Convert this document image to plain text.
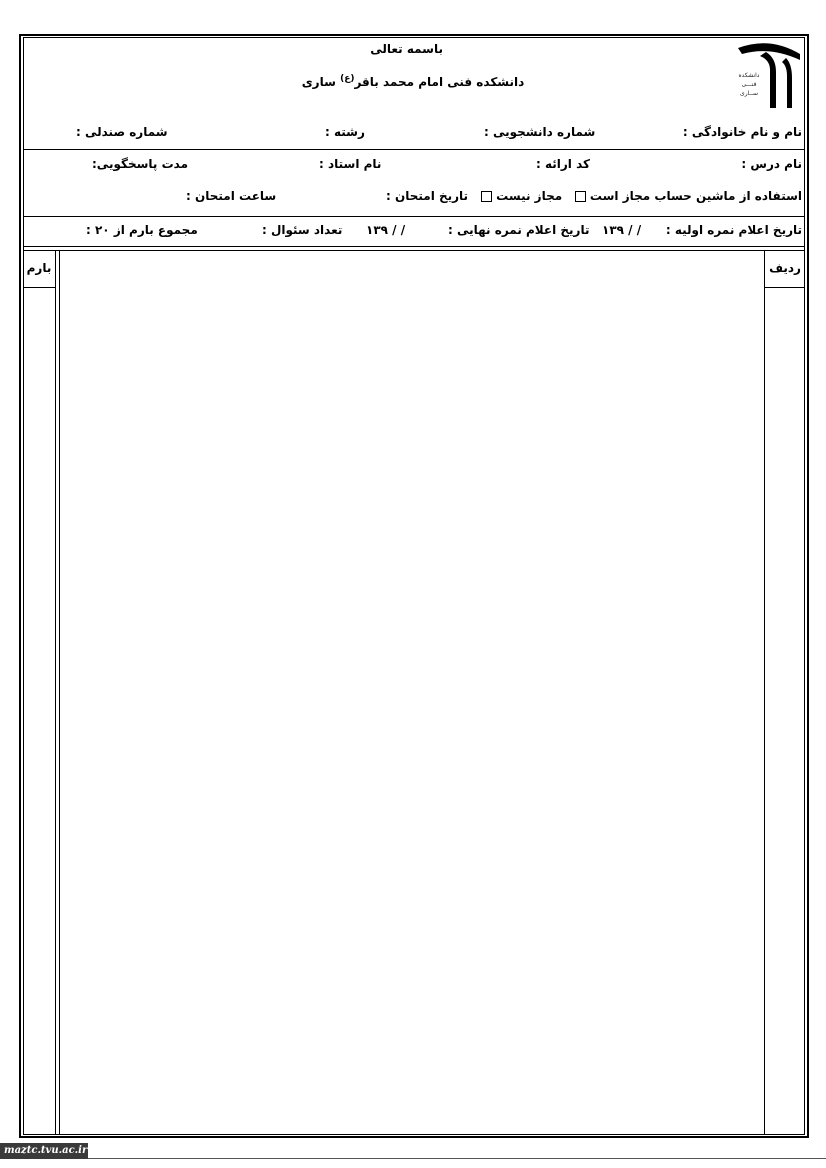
دانشکده
فنـــی
ســاری
باسمه تعالی
دانشکده فنی امام محمد باقر$^{(ع)}$ ساری
نام و نام خانوادگی :
شماره دانشجویی :
رشته :
شماره صندلی :
نام درس :
کد ارائه :
نام استاد :
مدت پاسخگویی:
استفاده از ماشین حساب مجاز است    مجاز نیست
تاریخ امتحان :
ساعت امتحان :
تاریخ اعلام نمره اولیه :
/ / ۱۳۹
تاریخ اعلام نمره نهایی :
/ / ۱۳۹
تعداد سئوال :
مجموع بارم از ۲۰ :
ردیف
بارم
maztc.tvu.ac.ir
